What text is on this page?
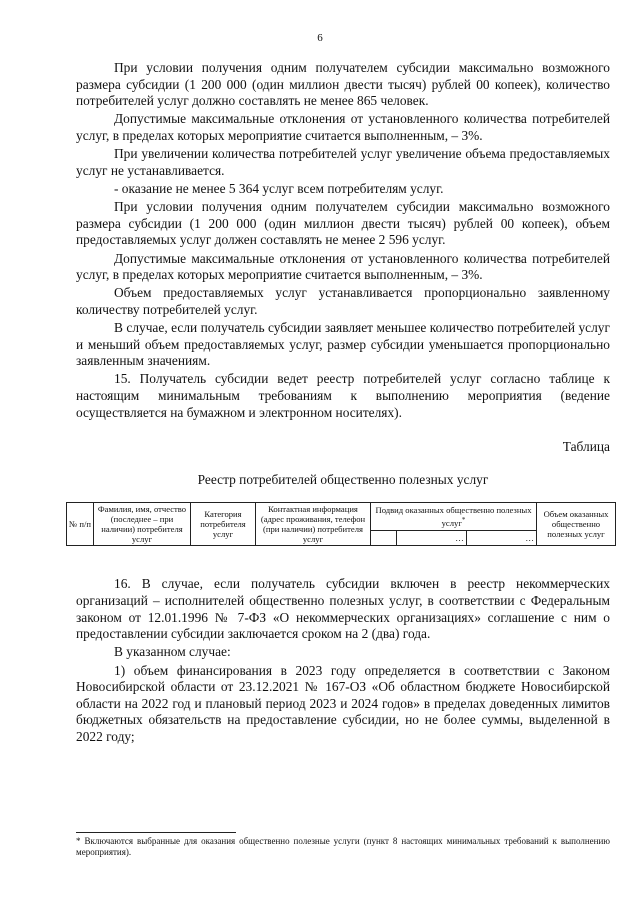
6

При условии получения одним получателем субсидии максимально возможного размера субсидии (1 200 000 (один миллион двести тысяч) рублей 00 копеек), количество потребителей услуг должно составлять не менее 865 человек.

Допустимые максимальные отклонения от установленного количества потребителей услуг, в пределах которых мероприятие считается выполненным, – 3%.

При увеличении количества потребителей услуг увеличение объема предоставляемых услуг не устанавливается.

- оказание не менее 5 364 услуг всем потребителям услуг.

При условии получения одним получателем субсидии максимально возможного размера субсидии (1 200 000 (один миллион двести тысяч) рублей 00 копеек), объем предоставляемых услуг должен составлять не менее 2 596 услуг.

Допустимые максимальные отклонения от установленного количества потребителей услуг, в пределах которых мероприятие считается выполненным, – 3%.

Объем предоставляемых услуг устанавливается пропорционально заявленному количеству потребителей услуг.

В случае, если получатель субсидии заявляет меньшее количество потребителей услуг и меньший объем предоставляемых услуг, размер субсидии уменьшается пропорционально заявленным значениям.

15. Получатель субсидии ведет реестр потребителей услуг согласно таблице к настоящим минимальным требованиям к выполнению мероприятия (ведение осуществляется на бумажном и электронном носителях).

Таблица
Реестр потребителей общественно полезных услуг
№ п/п	Фамилия, имя, отчество (последнее – при наличии) потребителя услуг	Категория потребителя услуг	Контактная информация (адрес проживания, телефон (при наличии) потребителя услуг	Подвид оказанных общественно полезных услуг*			Объем оказанных общественно полезных услуг
					…	…	

16. В случае, если получатель субсидии включен в реестр некоммерческих организаций – исполнителей общественно полезных услуг, в соответствии с Федеральным законом от 12.01.1996 № 7-ФЗ «О некоммерческих организациях» соглашение с ним о предоставлении субсидии заключается сроком на 2 (два) года.

В указанном случае:

1) объем финансирования в 2023 году определяется в соответствии с Законом Новосибирской области от 23.12.2021 № 167-ОЗ «Об областном бюджете Новосибирской области на 2022 год и плановый период 2023 и 2024 годов» в пределах доведенных лимитов бюджетных обязательств на предоставление субсидии, но не более суммы, выделенной в 2022 году;

* Включаются выбранные для оказания общественно полезные услуги (пункт 8 настоящих минимальных требований к выполнению мероприятия).
